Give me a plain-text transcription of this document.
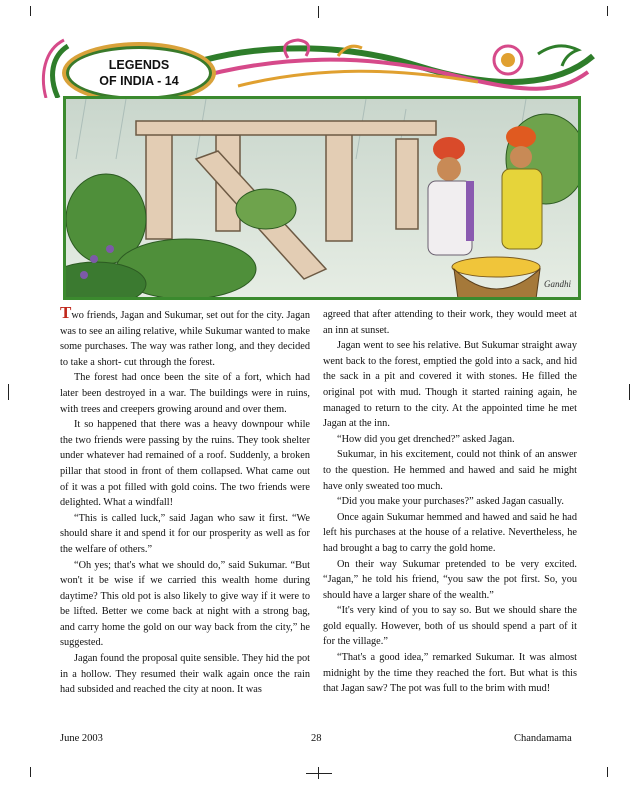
LEGENDS
OF INDIA - 14
Gandhi

Two friends, Jagan and Sukumar, set out for the city. Jagan was to see an ailing relative, while Sukumar wanted to make some purchases. The way was rather long, and they decided to take a short- cut through the forest.

The forest had once been the site of a fort, which had later been destroyed in a war. The buildings were in ruins, with trees and creepers growing around and over them.

It so happened that there was a heavy downpour while the two friends were passing by the ruins. They took shelter under whatever had remained of a roof. Suddenly, a broken pillar that stood in front of them collapsed. What came out of it was a pot filled with gold coins. The two friends were delighted. What a windfall!

“This is called luck,” said Jagan who saw it first. “We should share it and spend it for our prosperity as well as for the welfare of others.”

“Oh yes; that's what we should do,” said Sukumar. “But won't it be wise if we carried this wealth home during daytime? This old pot is also likely to give way if it were to be lifted. Better we come back at night with a strong bag, and carry home the gold on our way back from the city,” he suggested.

Jagan found the proposal quite sensible. They hid the pot in a hollow. They resumed their walk again once the rain had subsided and reached the city at noon. It was

agreed that after attending to their work, they would meet at an inn at sunset.

Jagan went to see his relative. But Sukumar straight away went back to the forest, emptied the gold into a sack, and hid the sack in a pit and covered it with stones. He filled the original pot with mud. Though it started raining again, he managed to return to the city. At the appointed time he met Jagan at the inn.

“How did you get drenched?” asked Jagan.

Sukumar, in his excitement, could not think of an answer to the question. He hemmed and hawed and said he might have only sweated too much.

“Did you make your purchases?” asked Jagan casually.

Once again Sukumar hemmed and hawed and said he had left his purchases at the house of a relative. Nevertheless, he had brought a bag to carry the gold home.

On their way Sukumar pretended to be very excited. “Jagan,” he told his friend, “you saw the pot first. So, you should have a larger share of the wealth.”

“It's very kind of you to say so. But we should share the gold equally. However, both of us should spend a part of it for the village.”

“That's a good idea,” remarked Sukumar. It was almost midnight by the time they reached the fort. But what is this that Jagan saw? The pot was full to the brim with mud!

June 2003	28	Chandamama
